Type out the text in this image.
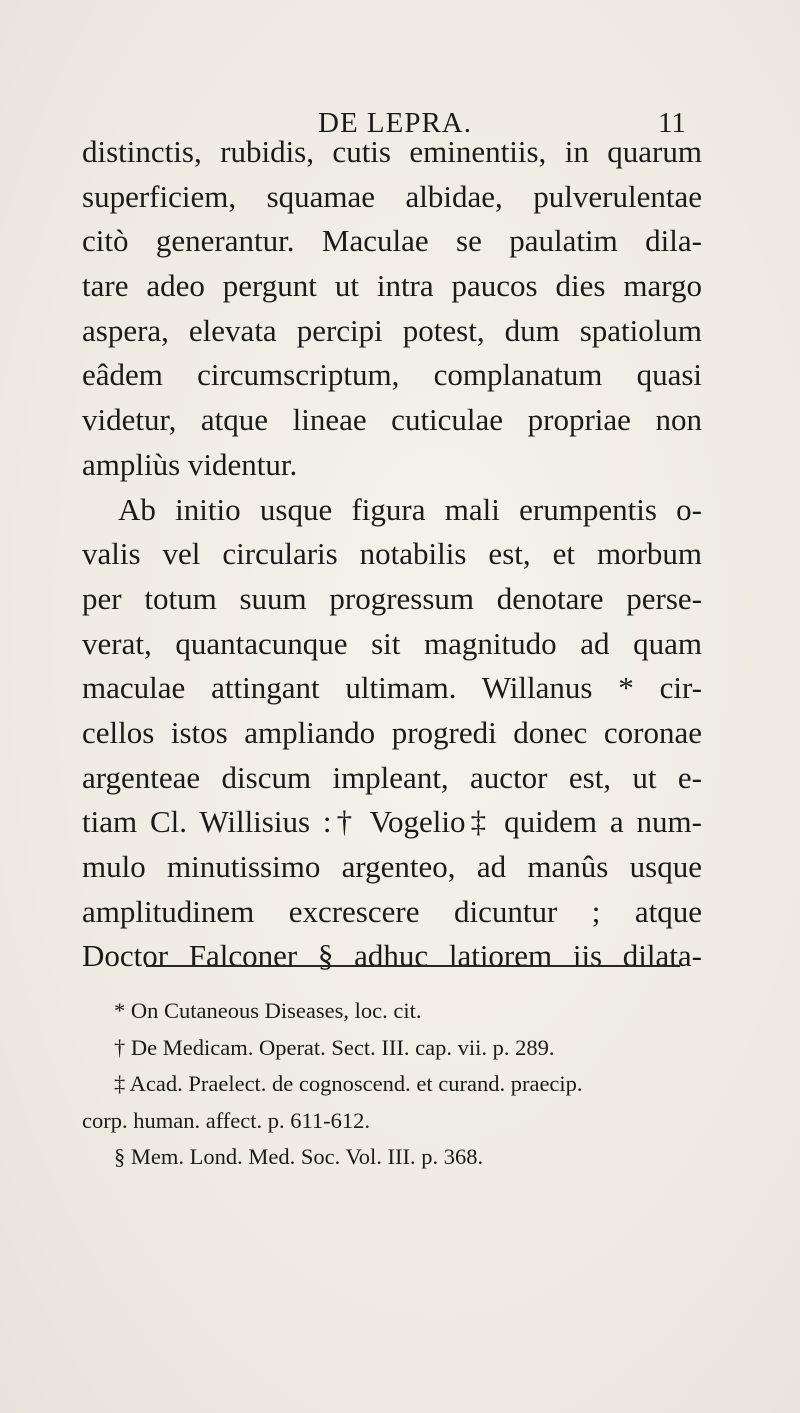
DE LEPRA.	11
distinctis, rubidis, cutis eminentiis, in quarum
superficiem, squamae albidae, pulverulentae
citò generantur. Maculae se paulatim dila-
tare adeo pergunt ut intra paucos dies margo
aspera, elevata percipi potest, dum spatiolum
eâdem circumscriptum, complanatum quasi
videtur, atque lineae cuticulae propriae non
ampliùs videntur.
Ab initio usque figura mali erumpentis o-
valis vel circularis notabilis est, et morbum
per totum suum progressum denotare perse-
verat, quantacunque sit magnitudo ad quam
maculae attingant ultimam. Willanus * cir-
cellos istos ampliando progredi donec coronae
argenteae discum impleant, auctor est, ut e-
tiam Cl. Willisius :† Vogelio‡ quidem a num-
mulo minutissimo argenteo, ad manûs usque
amplitudinem excrescere dicuntur ; atque
Doctor Falconer § adhuc latiorem iis dilata-
* On Cutaneous Diseases, loc. cit.
† De Medicam. Operat. Sect. III. cap. vii. p. 289.
‡ Acad. Praelect. de cognoscend. et curand. praecip.
corp. human. affect. p. 611-612.
§ Mem. Lond. Med. Soc. Vol. III. p. 368.
